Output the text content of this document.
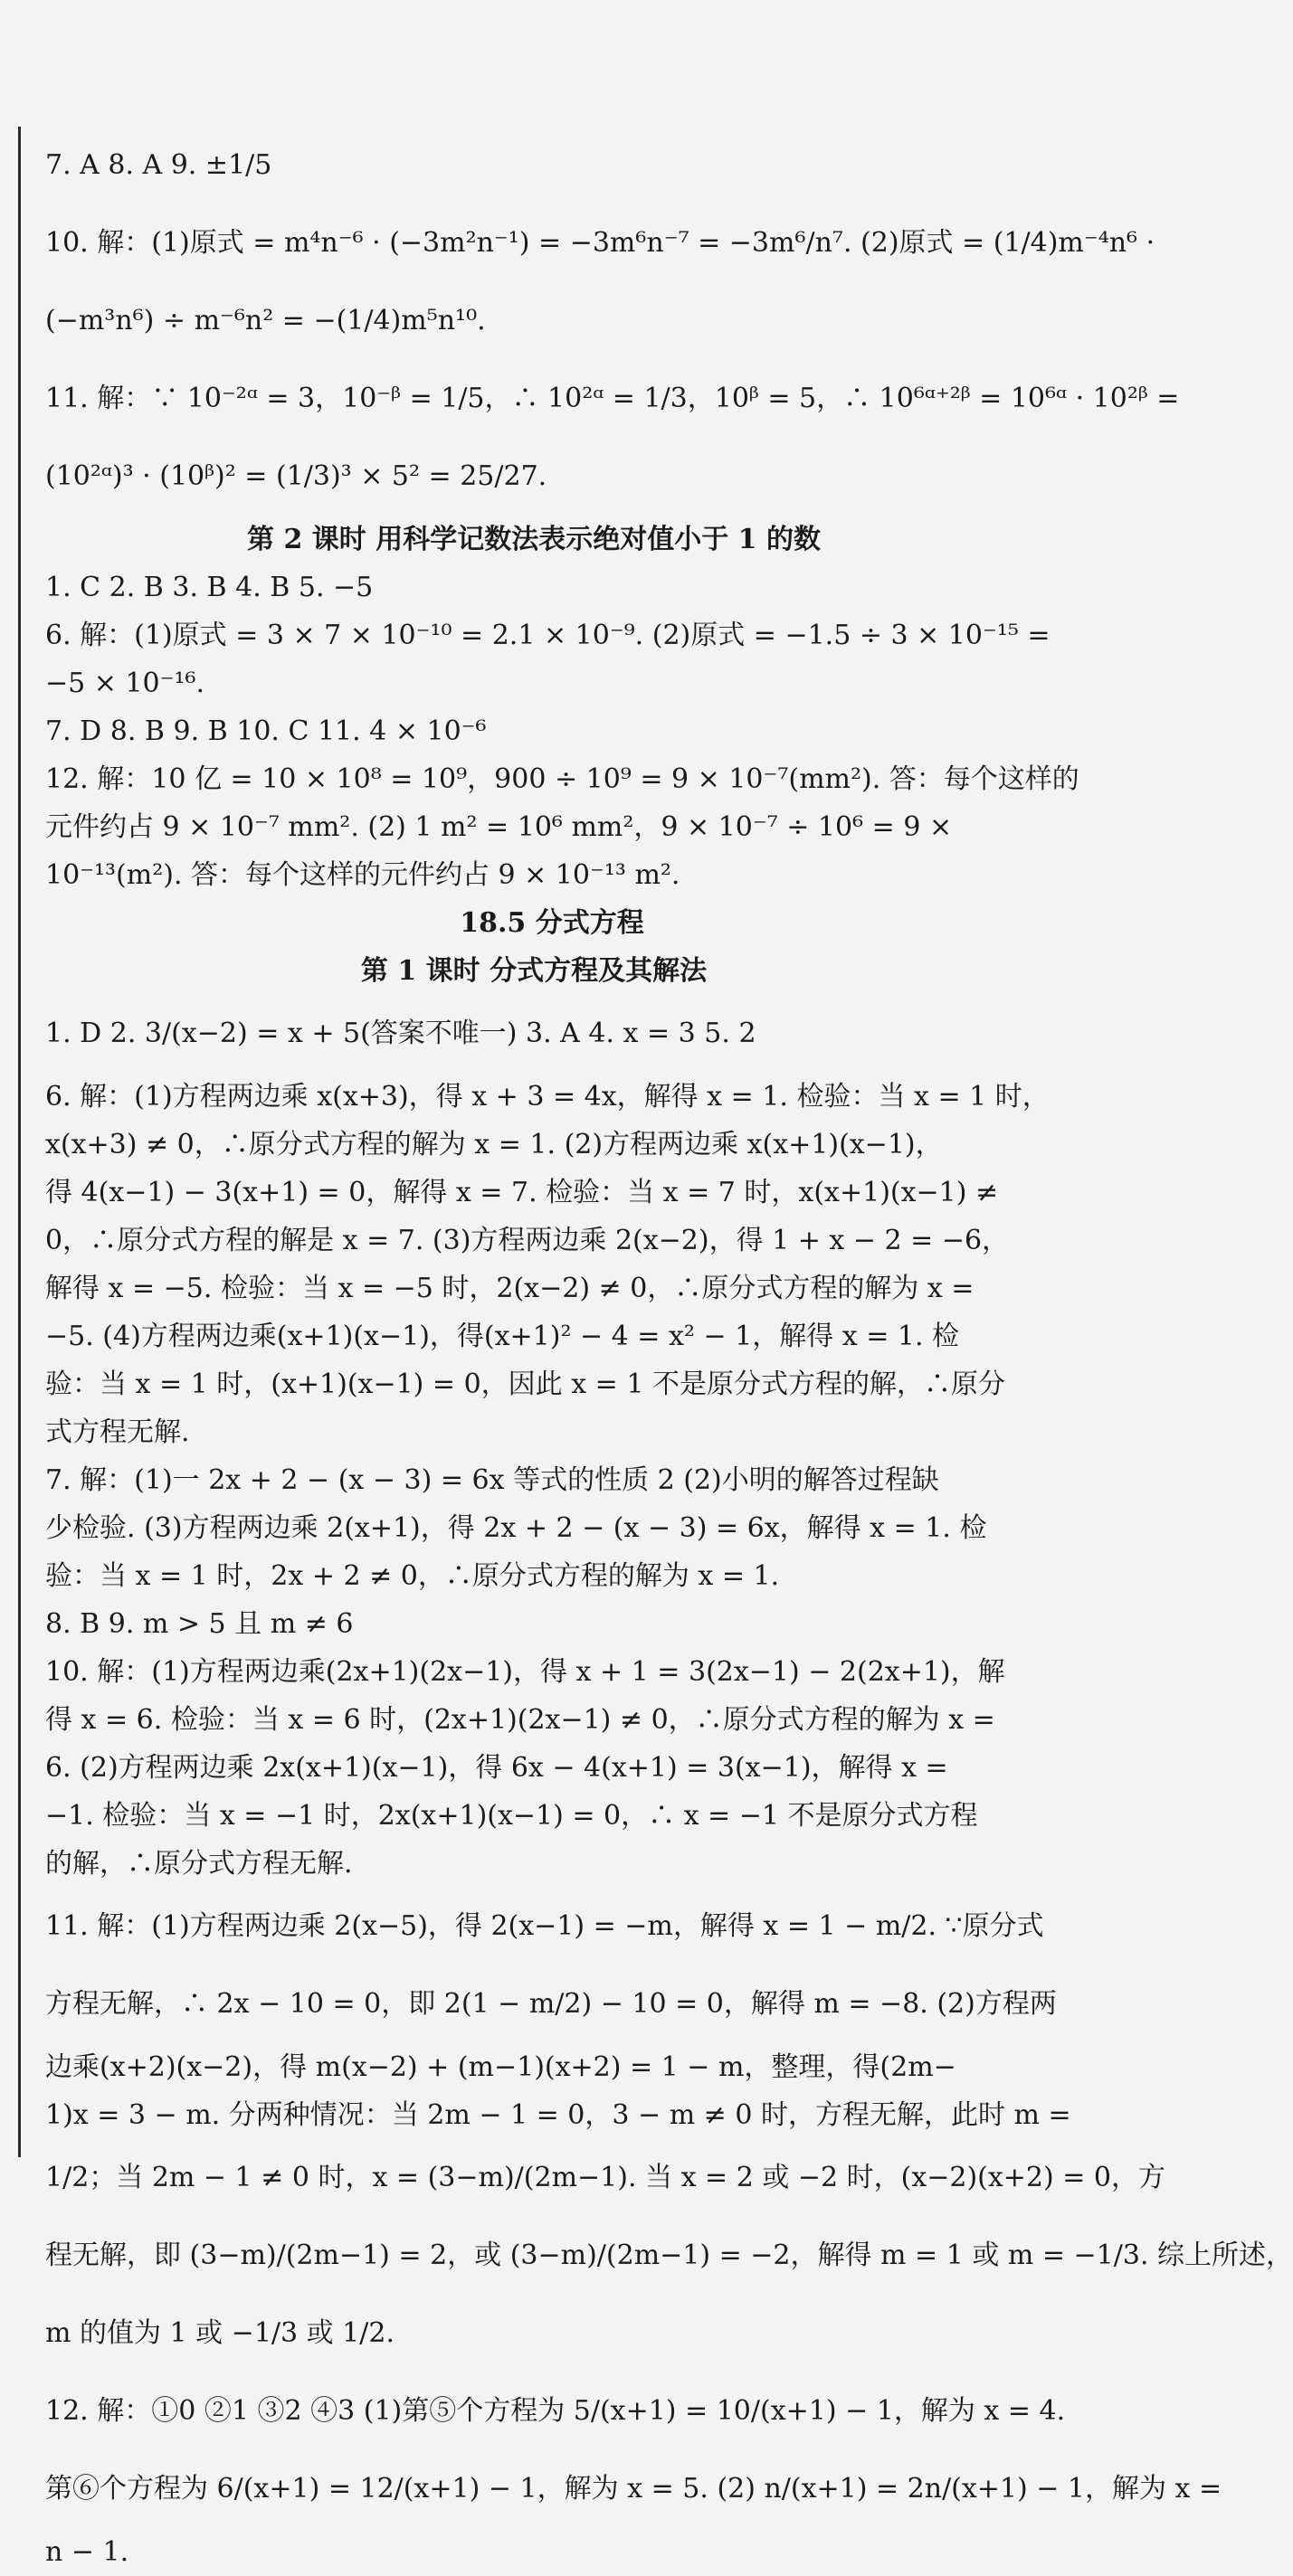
7. A 8. A 9. ±1/5
10. 解：(1)原式 = m⁴n⁻⁶ · (−3m²n⁻¹) = −3m⁶n⁻⁷ = −3m⁶/n⁷. (2)原式 = (1/4)m⁻⁴n⁶ ·
(−m³n⁶) ÷ m⁻⁶n² = −(1/4)m⁵n¹⁰.
11. 解：∵ 10⁻²ᵅ = 3，10⁻ᵝ = 1/5，∴ 10²ᵅ = 1/3，10ᵝ = 5，∴ 10⁶ᵅ⁺²ᵝ = 10⁶ᵅ · 10²ᵝ =
(10²ᵅ)³ · (10ᵝ)² = (1/3)³ × 5² = 25/27.
第 2 课时 用科学记数法表示绝对值小于 1 的数
1. C 2. B 3. B 4. B 5. −5
6. 解：(1)原式 = 3 × 7 × 10⁻¹⁰ = 2.1 × 10⁻⁹. (2)原式 = −1.5 ÷ 3 × 10⁻¹⁵ =
−5 × 10⁻¹⁶.
7. D 8. B 9. B 10. C 11. 4 × 10⁻⁶
12. 解：10 亿 = 10 × 10⁸ = 10⁹，900 ÷ 10⁹ = 9 × 10⁻⁷(mm²). 答：每个这样的
元件约占 9 × 10⁻⁷ mm². (2) 1 m² = 10⁶ mm²，9 × 10⁻⁷ ÷ 10⁶ = 9 ×
10⁻¹³(m²). 答：每个这样的元件约占 9 × 10⁻¹³ m².
18.5 分式方程
第 1 课时 分式方程及其解法
1. D 2. 3/(x−2) = x + 5(答案不唯一) 3. A 4. x = 3 5. 2
6. 解：(1)方程两边乘 x(x+3)，得 x + 3 = 4x，解得 x = 1. 检验：当 x = 1 时，
x(x+3) ≠ 0，∴原分式方程的解为 x = 1. (2)方程两边乘 x(x+1)(x−1)，
得 4(x−1) − 3(x+1) = 0，解得 x = 7. 检验：当 x = 7 时，x(x+1)(x−1) ≠
0，∴原分式方程的解是 x = 7. (3)方程两边乘 2(x−2)，得 1 + x − 2 = −6，
解得 x = −5. 检验：当 x = −5 时，2(x−2) ≠ 0，∴原分式方程的解为 x =
−5. (4)方程两边乘(x+1)(x−1)，得(x+1)² − 4 = x² − 1，解得 x = 1. 检
验：当 x = 1 时，(x+1)(x−1) = 0，因此 x = 1 不是原分式方程的解，∴原分
式方程无解.
7. 解：(1)一 2x + 2 − (x − 3) = 6x 等式的性质 2 (2)小明的解答过程缺
少检验. (3)方程两边乘 2(x+1)，得 2x + 2 − (x − 3) = 6x，解得 x = 1. 检
验：当 x = 1 时，2x + 2 ≠ 0，∴原分式方程的解为 x = 1.
8. B 9. m > 5 且 m ≠ 6
10. 解：(1)方程两边乘(2x+1)(2x−1)，得 x + 1 = 3(2x−1) − 2(2x+1)，解
得 x = 6. 检验：当 x = 6 时，(2x+1)(2x−1) ≠ 0，∴原分式方程的解为 x =
6. (2)方程两边乘 2x(x+1)(x−1)，得 6x − 4(x+1) = 3(x−1)，解得 x =
−1. 检验：当 x = −1 时，2x(x+1)(x−1) = 0，∴ x = −1 不是原分式方程
的解，∴原分式方程无解.
11. 解：(1)方程两边乘 2(x−5)，得 2(x−1) = −m，解得 x = 1 − m/2. ∵原分式
方程无解，∴ 2x − 10 = 0，即 2(1 − m/2) − 10 = 0，解得 m = −8. (2)方程两
边乘(x+2)(x−2)，得 m(x−2) + (m−1)(x+2) = 1 − m，整理，得(2m−
1)x = 3 − m. 分两种情况：当 2m − 1 = 0，3 − m ≠ 0 时，方程无解，此时 m =
1/2；当 2m − 1 ≠ 0 时，x = (3−m)/(2m−1). 当 x = 2 或 −2 时，(x−2)(x+2) = 0，方
程无解，即 (3−m)/(2m−1) = 2，或 (3−m)/(2m−1) = −2，解得 m = 1 或 m = −1/3. 综上所述，
m 的值为 1 或 −1/3 或 1/2.
12. 解：①0 ②1 ③2 ④3 (1)第⑤个方程为 5/(x+1) = 10/(x+1) − 1，解为 x = 4.
第⑥个方程为 6/(x+1) = 12/(x+1) − 1，解为 x = 5. (2) n/(x+1) = 2n/(x+1) − 1，解为 x =
n − 1.
